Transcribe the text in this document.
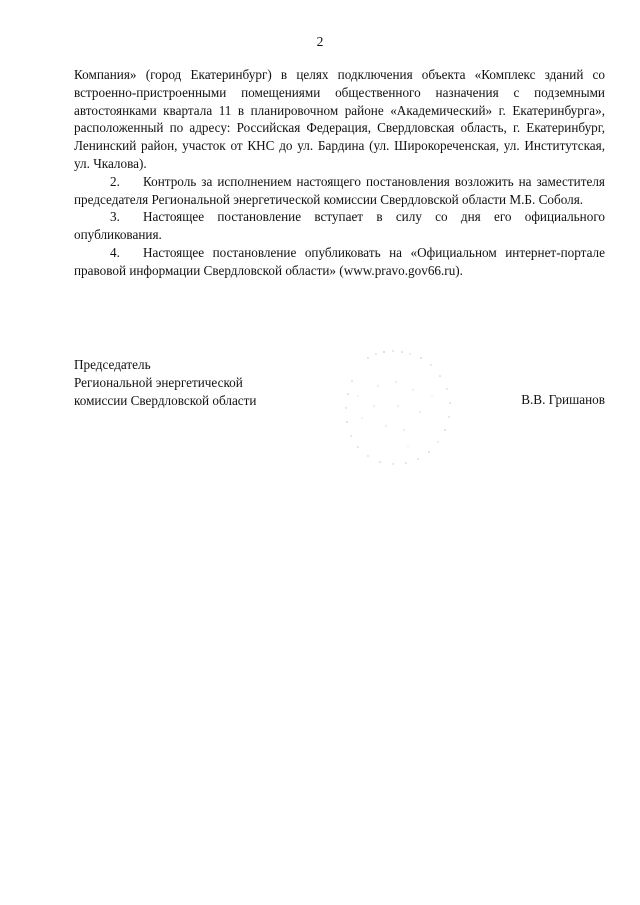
2

Компания» (город Екатеринбург) в целях подключения объекта «Комплекс зданий со встроенно-пристроенными помещениями общественного назначения с подземными автостоянками квартала 11 в планировочном районе «Академический» г. Екатеринбурга», расположенный по адресу: Российская Федерация, Свердловская область, г. Екатеринбург, Ленинский район, участок от КНС до ул. Бардина (ул. Широкореченская, ул. Институтская, ул. Чкалова).

2. Контроль за исполнением настоящего постановления возложить на заместителя председателя Региональной энергетической комиссии Свердловской области М.Б. Соболя.

3. Настоящее постановление вступает в силу со дня его официального опубликования.

4. Настоящее постановление опубликовать на «Официальном интернет-портале правовой информации Свердловской области» (www.pravo.gov66.ru).

Председатель
Региональной энергетической
комиссии Свердловской области	В.В. Гришанов
